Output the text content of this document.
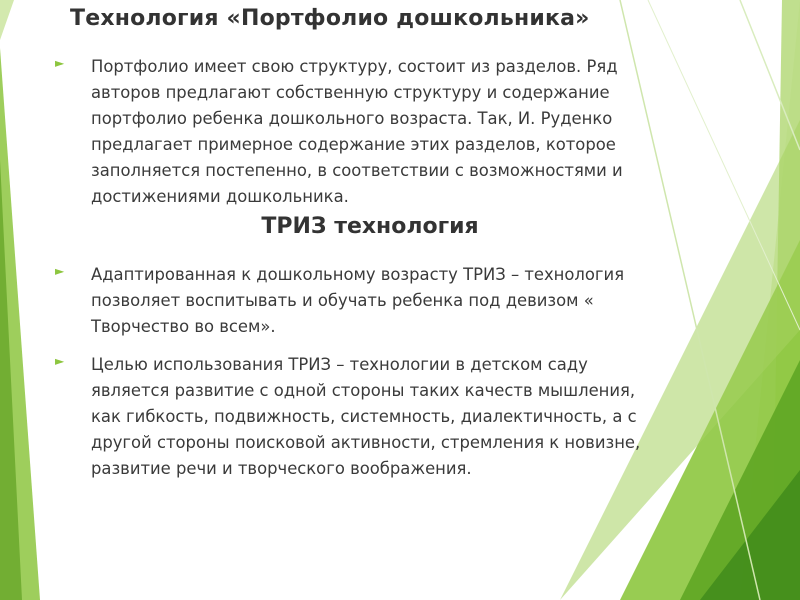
Технология «Портфолио дошкольника»
►	Портфолио имеет свою структуру, состоит из разделов. Ряд
авторов предлагают собственную структуру и содержание
портфолио ребенка дошкольного возраста. Так, И. Руденко
предлагает примерное содержание этих разделов, которое
заполняется постепенно, в соответствии с возможностями и
достижениями дошкольника.
ТРИЗ технология
►	Адаптированная к дошкольному возрасту ТРИЗ – технология
позволяет воспитывать и обучать ребенка под девизом «
Творчество во всем».
►	Целью использования ТРИЗ – технологии в детском саду
является развитие с одной стороны таких качеств мышления,
как гибкость, подвижность, системность, диалектичность, а с
другой стороны поисковой активности, стремления к новизне,
развитие речи и творческого воображения.
